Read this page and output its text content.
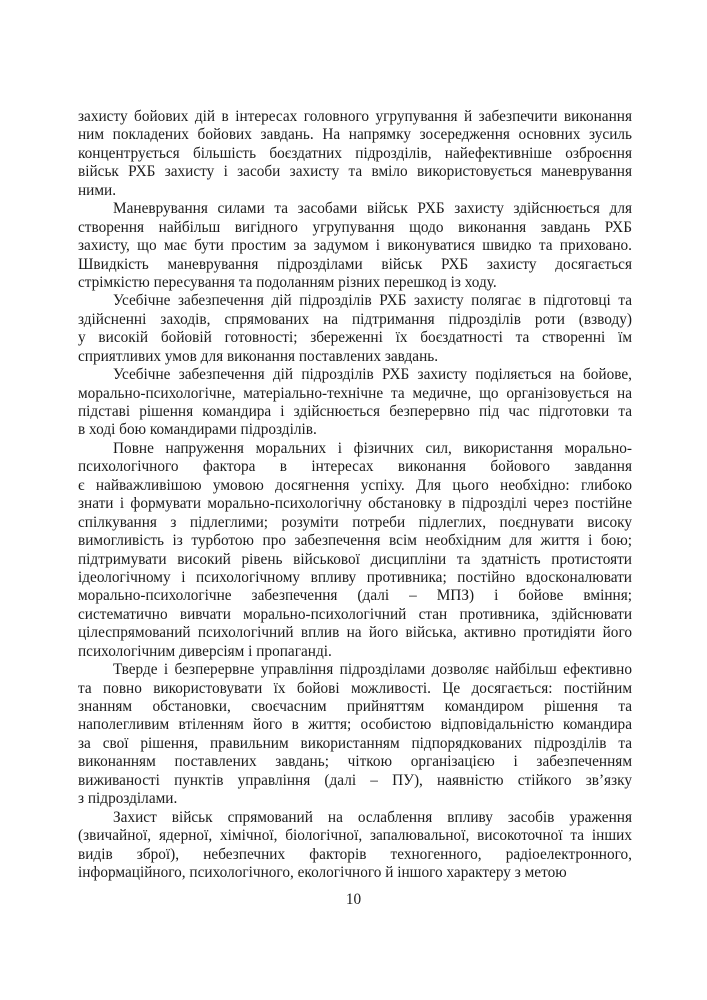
захисту бойових дій в інтересах головного угрупування й забезпечити виконання
ним покладених бойових завдань. На напрямку зосередження основних зусиль
концентрується більшість боєздатних підрозділів, найефективніше озброєння
військ РХБ захисту і засоби захисту та вміло використовується маневрування
ними.
Маневрування силами та засобами військ РХБ захисту здійснюється для
створення найбільш вигідного угрупування щодо виконання завдань РХБ
захисту, що має бути простим за задумом і виконуватися швидко та приховано.
Швидкість маневрування підрозділами військ РХБ захисту досягається
стрімкістю пересування та подоланням різних перешкод із ходу.
Усебічне забезпечення дій підрозділів РХБ захисту полягає в підготовці та
здійсненні заходів, спрямованих на підтримання підрозділів роти (взводу)
у високій бойовій готовності; збереженні їх боєздатності та створенні їм
сприятливих умов для виконання поставлених завдань.
Усебічне забезпечення дій підрозділів РХБ захисту поділяється на бойове,
морально-психологічне, матеріально-технічне та медичне, що організовується на
підставі рішення командира і здійснюється безперервно під час підготовки та
в ході бою командирами підрозділів.
Повне напруження моральних і фізичних сил, використання морально-
психологічного фактора в інтересах виконання бойового завдання
є найважливішою умовою досягнення успіху. Для цього необхідно: глибоко
знати і формувати морально-психологічну обстановку в підрозділі через постійне
спілкування з підлеглими; розуміти потреби підлеглих, поєднувати високу
вимогливість із турботою про забезпечення всім необхідним для життя і бою;
підтримувати високий рівень військової дисципліни та здатність протистояти
ідеологічному і психологічному впливу противника; постійно вдосконалювати
морально-психологічне забезпечення (далі – МПЗ) і бойове вміння;
систематично вивчати морально-психологічний стан противника, здійснювати
цілеспрямований психологічний вплив на його війська, активно протидіяти його
психологічним диверсіям і пропаганді.
Тверде і безперервне управління підрозділами дозволяє найбільш ефективно
та повно використовувати їх бойові можливості. Це досягається: постійним
знанням обстановки, своєчасним прийняттям командиром рішення та
наполегливим втіленням його в життя; особистою відповідальністю командира
за свої рішення, правильним використанням підпорядкованих підрозділів та
виконанням поставлених завдань; чіткою організацією і забезпеченням
виживаності пунктів управління (далі – ПУ), наявністю стійкого зв’язку
з підрозділами.
Захист військ спрямований на ослаблення впливу засобів ураження
(звичайної, ядерної, хімічної, біологічної, запалювальної, високоточної та інших
видів зброї), небезпечних факторів техногенного, радіоелектронного,
інформаційного, психологічного, екологічного й іншого характеру з метою
10
